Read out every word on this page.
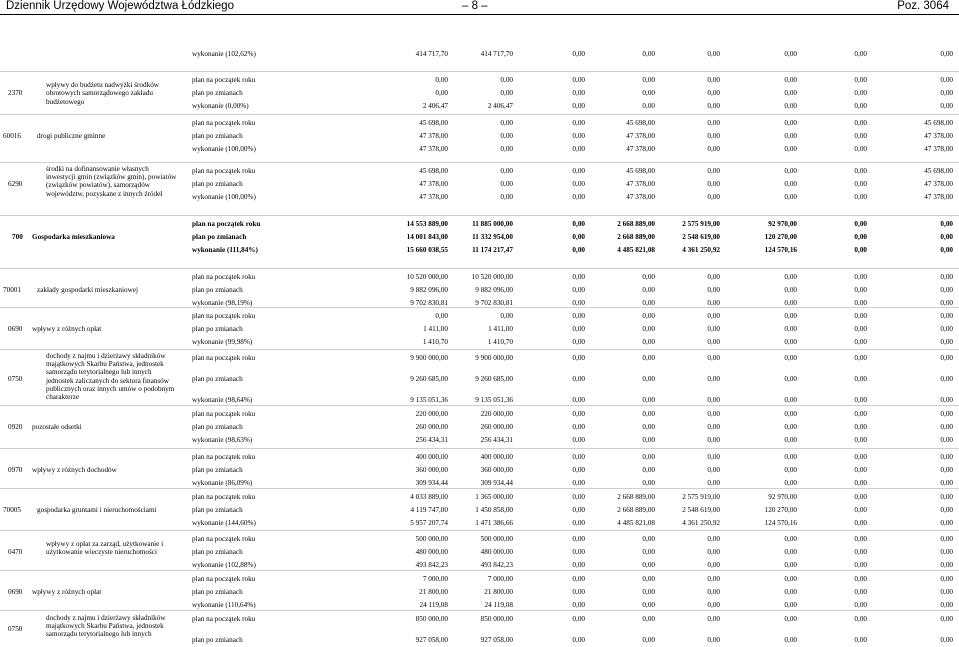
Dziennik Urzędowy Województwa Łódzkiego	– 8 –	Poz. 3064
wykonanie (102,62%)	414 717,70	414 717,70	0,00	0,00	0,00	0,00	0,00	0,00
2370
wpływy do budżetu nadwyżki środków obrotowych samorządowego zakładu budżetowego
plan na początek roku	0,00	0,00	0,00	0,00	0,00	0,00	0,00	0,00
plan po zmianach	0,00	0,00	0,00	0,00	0,00	0,00	0,00	0,00
wykonanie (0,00%)	2 406,47	2 406,47	0,00	0,00	0,00	0,00	0,00	0,00
60016 drogi publiczne gminne
plan na początek roku	45 698,00	0,00	0,00	45 698,00	0,00	0,00	0,00	45 698,00
plan po zmianach	47 378,00	0,00	0,00	47 378,00	0,00	0,00	0,00	47 378,00
wykonanie (100,00%)	47 378,00	0,00	0,00	47 378,00	0,00	0,00	0,00	47 378,00
6290
środki na dofinansowanie własnych inwestycji gmin (związków gmin), powiatów (związków powiatów), samorządów województw, pozyskane z innych źródeł
plan na początek roku	45 698,00	0,00	0,00	45 698,00	0,00	0,00	0,00	45 698,00
plan po zmianach	47 378,00	0,00	0,00	47 378,00	0,00	0,00	0,00	47 378,00
wykonanie (100,00%)	47 378,00	0,00	0,00	47 378,00	0,00	0,00	0,00	47 378,00
700 Gospodarka mieszkaniowa
plan na początek roku	14 553 889,00	11 885 000,00	0,00	2 668 889,00	2 575 919,00	92 970,00	0,00	0,00
plan po zmianach	14 001 843,00	11 332 954,00	0,00	2 668 889,00	2 548 619,00	120 270,00	0,00	0,00
wykonanie (111,84%)	15 660 038,55	11 174 217,47	0,00	4 485 821,08	4 361 250,92	124 570,16	0,00	0,00
70001 zakłady gospodarki mieszkaniowej
plan na początek roku	10 520 000,00	10 520 000,00	0,00	0,00	0,00	0,00	0,00	0,00
plan po zmianach	9 882 096,00	9 882 096,00	0,00	0,00	0,00	0,00	0,00	0,00
wykonanie (98,19%)	9 702 830,81	9 702 830,81	0,00	0,00	0,00	0,00	0,00	0,00
0690 wpływy z różnych opłat
plan na początek roku	0,00	0,00	0,00	0,00	0,00	0,00	0,00	0,00
plan po zmianach	1 411,00	1 411,00	0,00	0,00	0,00	0,00	0,00	0,00
wykonanie (99,98%)	1 410,70	1 410,70	0,00	0,00	0,00	0,00	0,00	0,00
0750
dochody z najmu i dzierżawy składników majątkowych Skarbu Państwa, jednostek samorządu terytorialnego lub innych jednostek zaliczanych do sektora finansów publicznych oraz innych umów o podobnym charakterze
plan na początek roku	9 900 000,00	9 900 000,00	0,00	0,00	0,00	0,00	0,00	0,00
plan po zmianach	9 260 685,00	9 260 685,00	0,00	0,00	0,00	0,00	0,00	0,00
wykonanie (98,64%)	9 135 051,36	9 135 051,36	0,00	0,00	0,00	0,00	0,00	0,00
0920 pozostałe odsetki
plan na początek roku	220 000,00	220 000,00	0,00	0,00	0,00	0,00	0,00	0,00
plan po zmianach	260 000,00	260 000,00	0,00	0,00	0,00	0,00	0,00	0,00
wykonanie (98,63%)	256 434,31	256 434,31	0,00	0,00	0,00	0,00	0,00	0,00
0970 wpływy z różnych dochodów
plan na początek roku	400 000,00	400 000,00	0,00	0,00	0,00	0,00	0,00	0,00
plan po zmianach	360 000,00	360 000,00	0,00	0,00	0,00	0,00	0,00	0,00
wykonanie (86,09%)	309 934,44	309 934,44	0,00	0,00	0,00	0,00	0,00	0,00
70005 gospodarka gruntami i nieruchomościami
plan na początek roku	4 033 889,00	1 365 000,00	0,00	2 668 889,00	2 575 919,00	92 970,00	0,00	0,00
plan po zmianach	4 119 747,00	1 450 858,00	0,00	2 668 889,00	2 548 619,00	120 270,00	0,00	0,00
wykonanie (144,60%)	5 957 207,74	1 471 386,66	0,00	4 485 821,08	4 361 250,92	124 570,16	0,00	0,00
0470
wpływy z opłat za zarząd, użytkowanie i użytkowanie wieczyste nieruchomości
plan na początek roku	500 000,00	500 000,00	0,00	0,00	0,00	0,00	0,00	0,00
plan po zmianach	480 000,00	480 000,00	0,00	0,00	0,00	0,00	0,00	0,00
wykonanie (102,88%)	493 842,23	493 842,23	0,00	0,00	0,00	0,00	0,00	0,00
0690 wpływy z różnych opłat
plan na początek roku	7 000,00	7 000,00	0,00	0,00	0,00	0,00	0,00	0,00
plan po zmianach	21 800,00	21 800,00	0,00	0,00	0,00	0,00	0,00	0,00
wykonanie (110,64%)	24 119,08	24 119,08	0,00	0,00	0,00	0,00	0,00	0,00
0750
dochody z najmu i dzierżawy składników majątkowych Skarbu Państwa, jednostek samorządu terytorialnego lub innych
plan na początek roku	850 000,00	850 000,00	0,00	0,00	0,00	0,00	0,00	0,00
plan po zmianach	927 058,00	927 058,00	0,00	0,00	0,00	0,00	0,00	0,00
